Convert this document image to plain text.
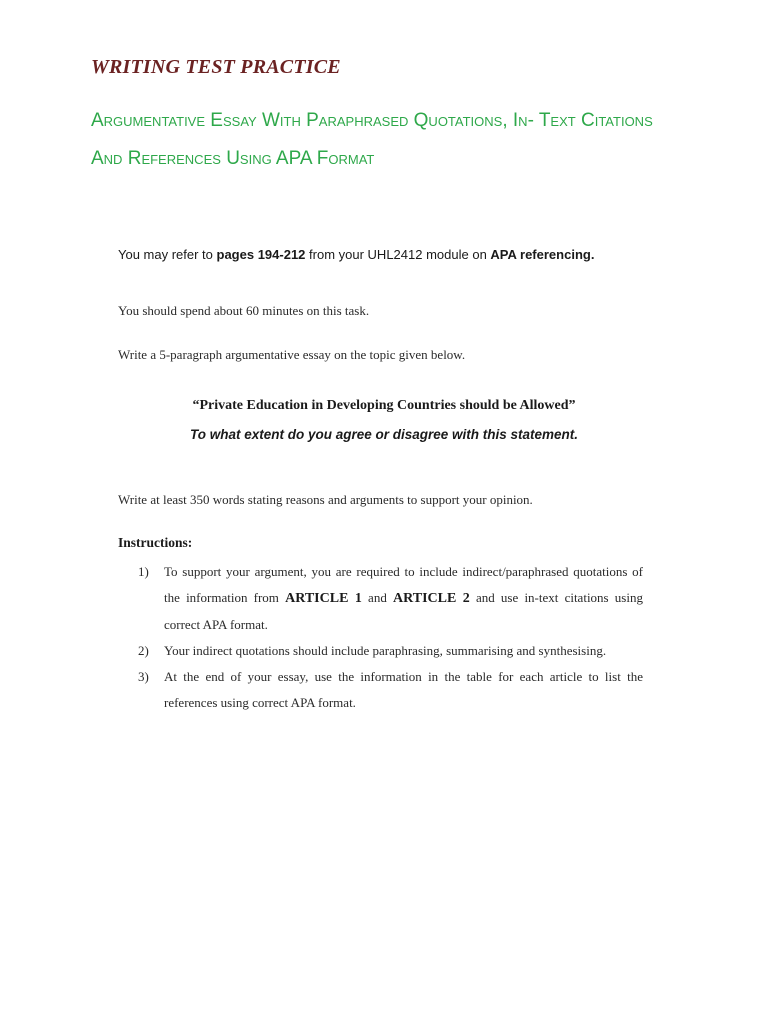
WRITING TEST PRACTICE
Argumentative Essay With Paraphrased Quotations, In- Text Citations
And References Using APA Format
You may refer to pages 194-212 from your UHL2412 module on APA referencing.
You should spend about 60 minutes on this task.
Write a 5-paragraph argumentative essay on the topic given below.
“Private Education in Developing Countries should be Allowed”
To what extent do you agree or disagree with this statement.
Write at least 350 words stating reasons and arguments to support your opinion.
Instructions:
1) To support your argument, you are required to include indirect/paraphrased quotations of the information from ARTICLE 1 and ARTICLE 2 and use in-text citations using correct APA format.
2) Your indirect quotations should include paraphrasing, summarising and synthesising.
3) At the end of your essay, use the information in the table for each article to list the references using correct APA format.
